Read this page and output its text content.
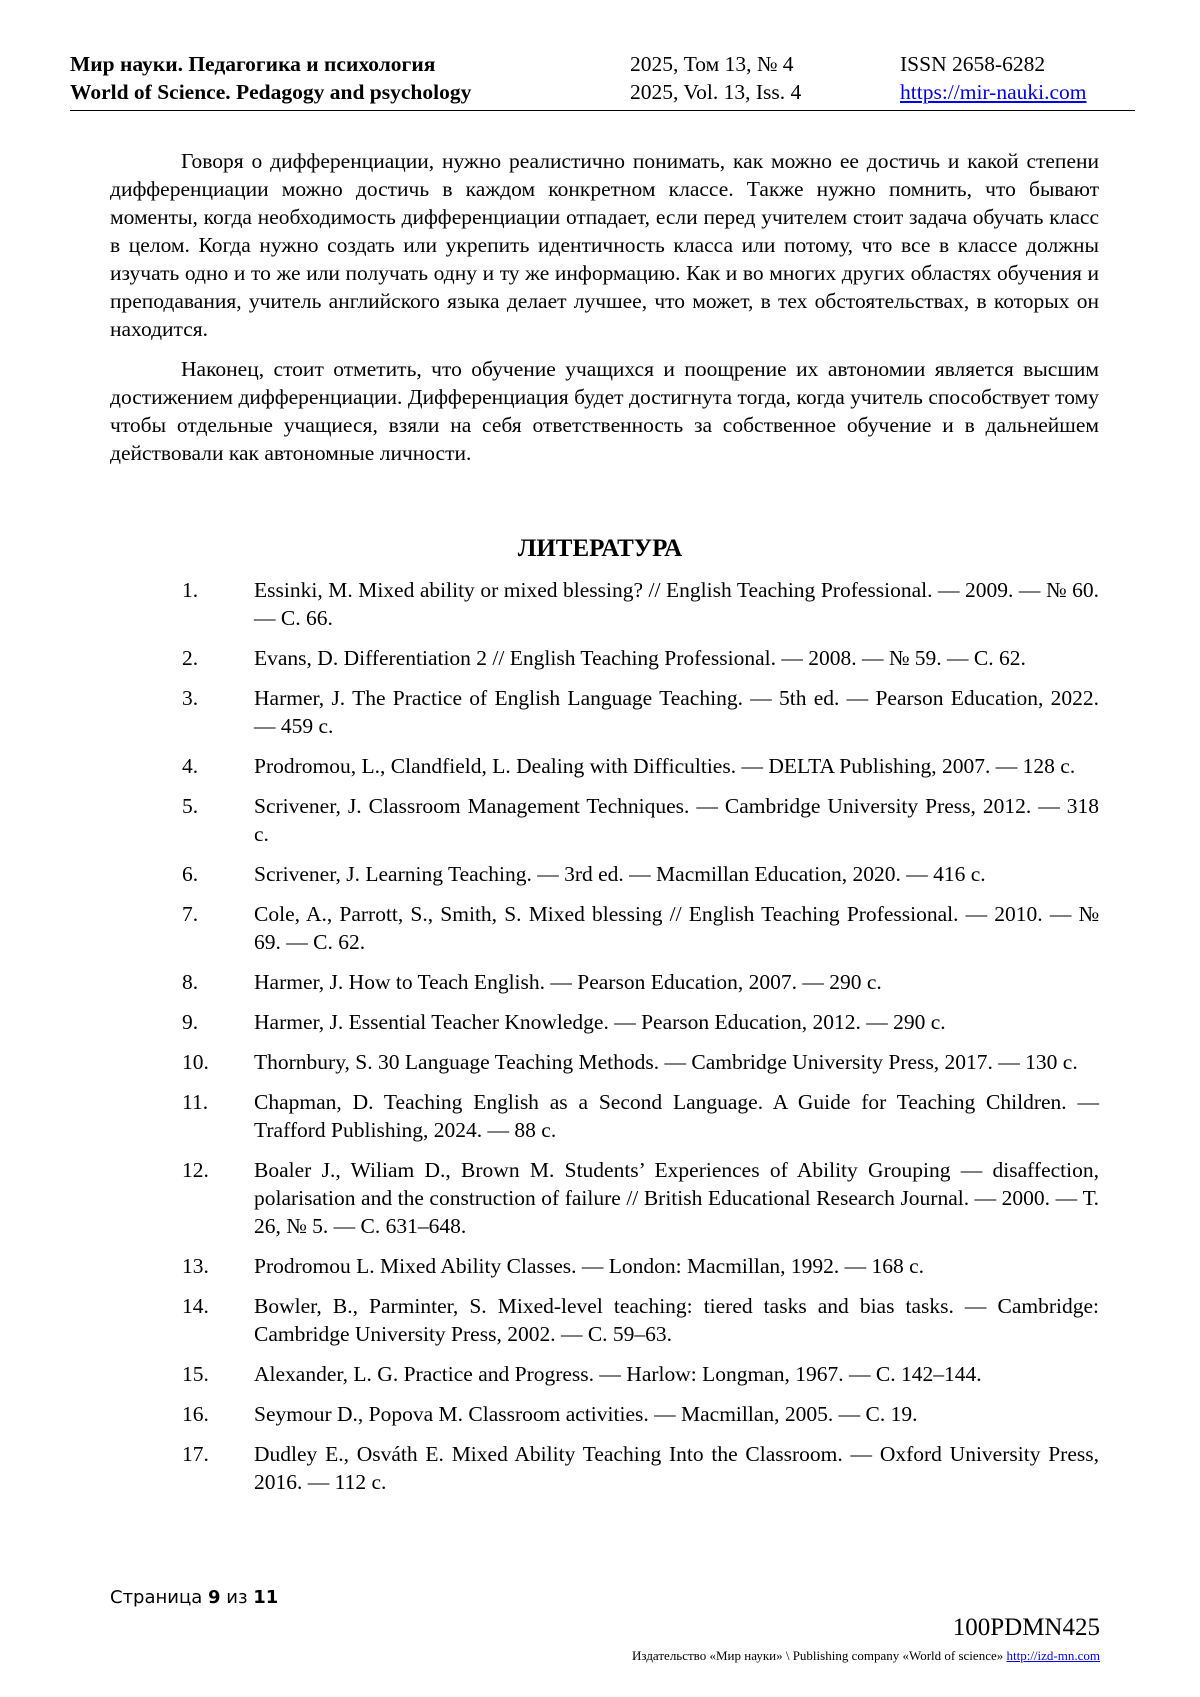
Мир науки. Педагогика и психология	2025, Том 13, № 4	ISSN 2658-6282
World of Science. Pedagogy and psychology	2025, Vol. 13, Iss. 4	https://mir-nauki.com

Говоря о дифференциации, нужно реалистично понимать, как можно ее достичь и какой степени дифференциации можно достичь в каждом конкретном классе. Также нужно помнить, что бывают моменты, когда необходимость дифференциации отпадает, если перед учителем стоит задача обучать класс в целом. Когда нужно создать или укрепить идентичность класса или потому, что все в классе должны изучать одно и то же или получать одну и ту же информацию. Как и во многих других областях обучения и преподавания, учитель английского языка делает лучшее, что может, в тех обстоятельствах, в которых он находится.

Наконец, стоит отметить, что обучение учащихся и поощрение их автономии является высшим достижением дифференциации. Дифференциация будет достигнута тогда, когда учитель способствует тому чтобы отдельные учащиеся, взяли на себя ответственность за собственное обучение и в дальнейшем действовали как автономные личности.

ЛИТЕРАТУРА
1.	Essinki, M. Mixed ability or mixed blessing? // English Teaching Professional. — 2009. — № 60. — С. 66.
2.	Evans, D. Differentiation 2 // English Teaching Professional. — 2008. — № 59. — С. 62.
3.	Harmer, J. The Practice of English Language Teaching. — 5th ed. — Pearson Education, 2022. — 459 с.
4.	Prodromou, L., Clandfield, L. Dealing with Difficulties. — DELTA Publishing, 2007. — 128 с.
5.	Scrivener, J. Classroom Management Techniques. — Cambridge University Press, 2012. — 318 с.
6.	Scrivener, J. Learning Teaching. — 3rd ed. — Macmillan Education, 2020. — 416 с.
7.	Cole, A., Parrott, S., Smith, S. Mixed blessing // English Teaching Professional. — 2010. — № 69. — С. 62.
8.	Harmer, J. How to Teach English. — Pearson Education, 2007. — 290 с.
9.	Harmer, J. Essential Teacher Knowledge. — Pearson Education, 2012. — 290 с.
10.	Thornbury, S. 30 Language Teaching Methods. — Cambridge University Press, 2017. — 130 с.
11.	Chapman, D. Teaching English as a Second Language. A Guide for Teaching Children. — Trafford Publishing, 2024. — 88 с.
12.	Boaler J., Wiliam D., Brown M. Students’ Experiences of Ability Grouping — disaffection, polarisation and the construction of failure // British Educational Research Journal. — 2000. — Т. 26, № 5. — С. 631–648.
13.	Prodromou L. Mixed Ability Classes. — London: Macmillan, 1992. — 168 с.
14.	Bowler, B., Parminter, S. Mixed-level teaching: tiered tasks and bias tasks. — Cambridge: Cambridge University Press, 2002. — С. 59–63.
15.	Alexander, L. G. Practice and Progress. — Harlow: Longman, 1967. — С. 142–144.
16.	Seymour D., Popova M. Classroom activities. — Macmillan, 2005. — С. 19.
17.	Dudley E., Osváth E. Mixed Ability Teaching Into the Classroom. — Oxford University Press, 2016. — 112 с.
Страница 9 из 11
100PDMN425
Издательство «Мир науки» \ Publishing company «World of science» http://izd-mn.com
